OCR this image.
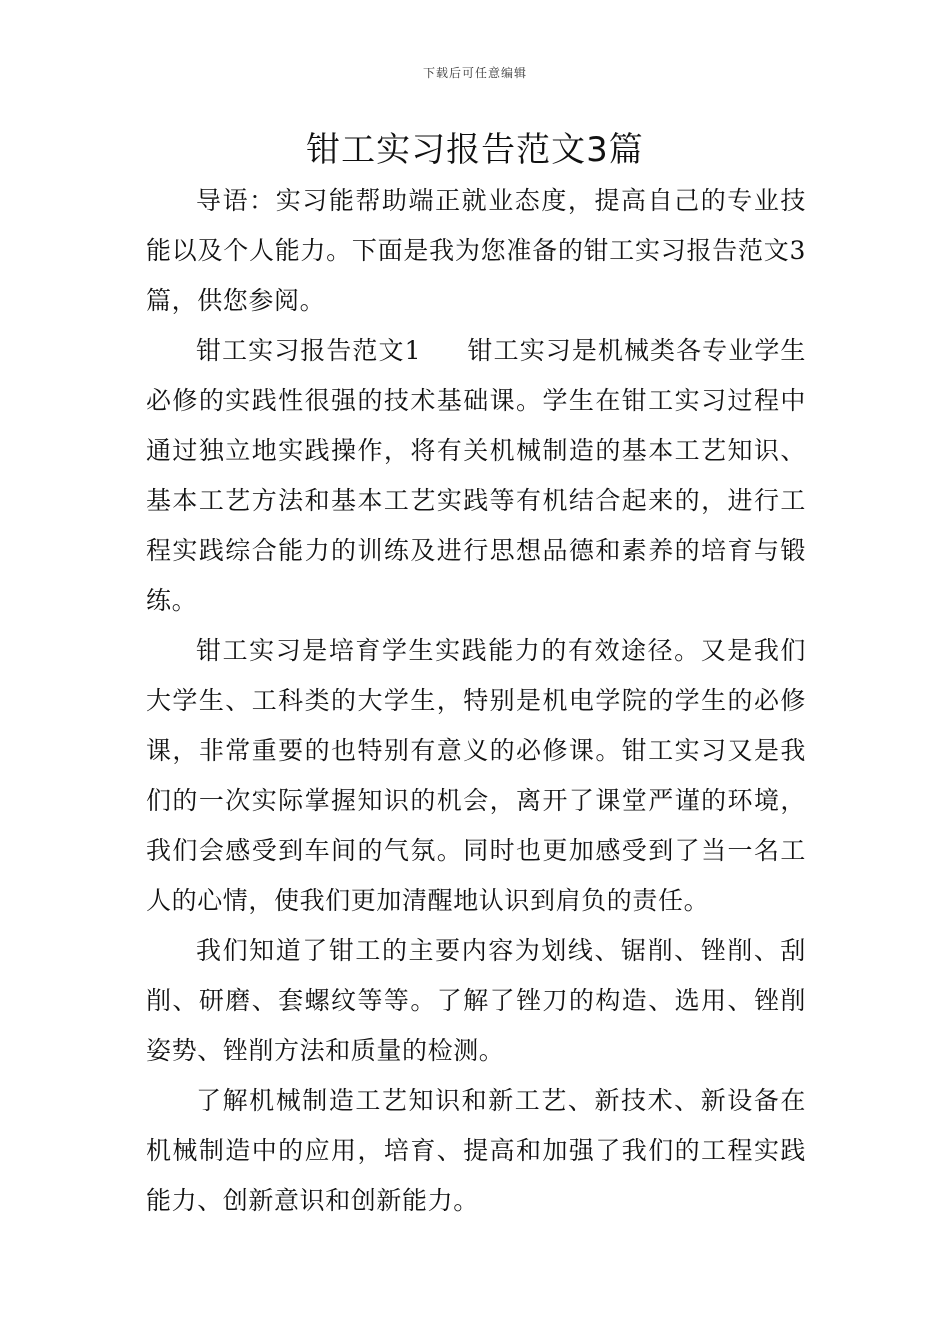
下载后可任意编辑
钳工实习报告范文3篇

导语：实习能帮助端正就业态度，提高自己的专业技能以及个人能力。下面是我为您准备的钳工实习报告范文3篇，供您参阅。

钳工实习报告范文1 钳工实习是机械类各专业学生必修的实践性很强的技术基础课。学生在钳工实习过程中通过独立地实践操作，将有关机械制造的基本工艺知识、基本工艺方法和基本工艺实践等有机结合起来的，进行工程实践综合能力的训练及进行思想品德和素养的培育与锻练。

钳工实习是培育学生实践能力的有效途径。又是我们大学生、工科类的大学生，特别是机电学院的学生的必修课，非常重要的也特别有意义的必修课。钳工实习又是我们的一次实际掌握知识的机会，离开了课堂严谨的环境，我们会感受到车间的气氛。同时也更加感受到了当一名工人的心情，使我们更加清醒地认识到肩负的责任。

我们知道了钳工的主要内容为划线、锯削、锉削、刮削、研磨、套螺纹等等。了解了锉刀的构造、选用、锉削姿势、锉削方法和质量的检测。

了解机械制造工艺知识和新工艺、新技术、新设备在机械制造中的应用，培育、提高和加强了我们的工程实践能力、创新意识和创新能力。
